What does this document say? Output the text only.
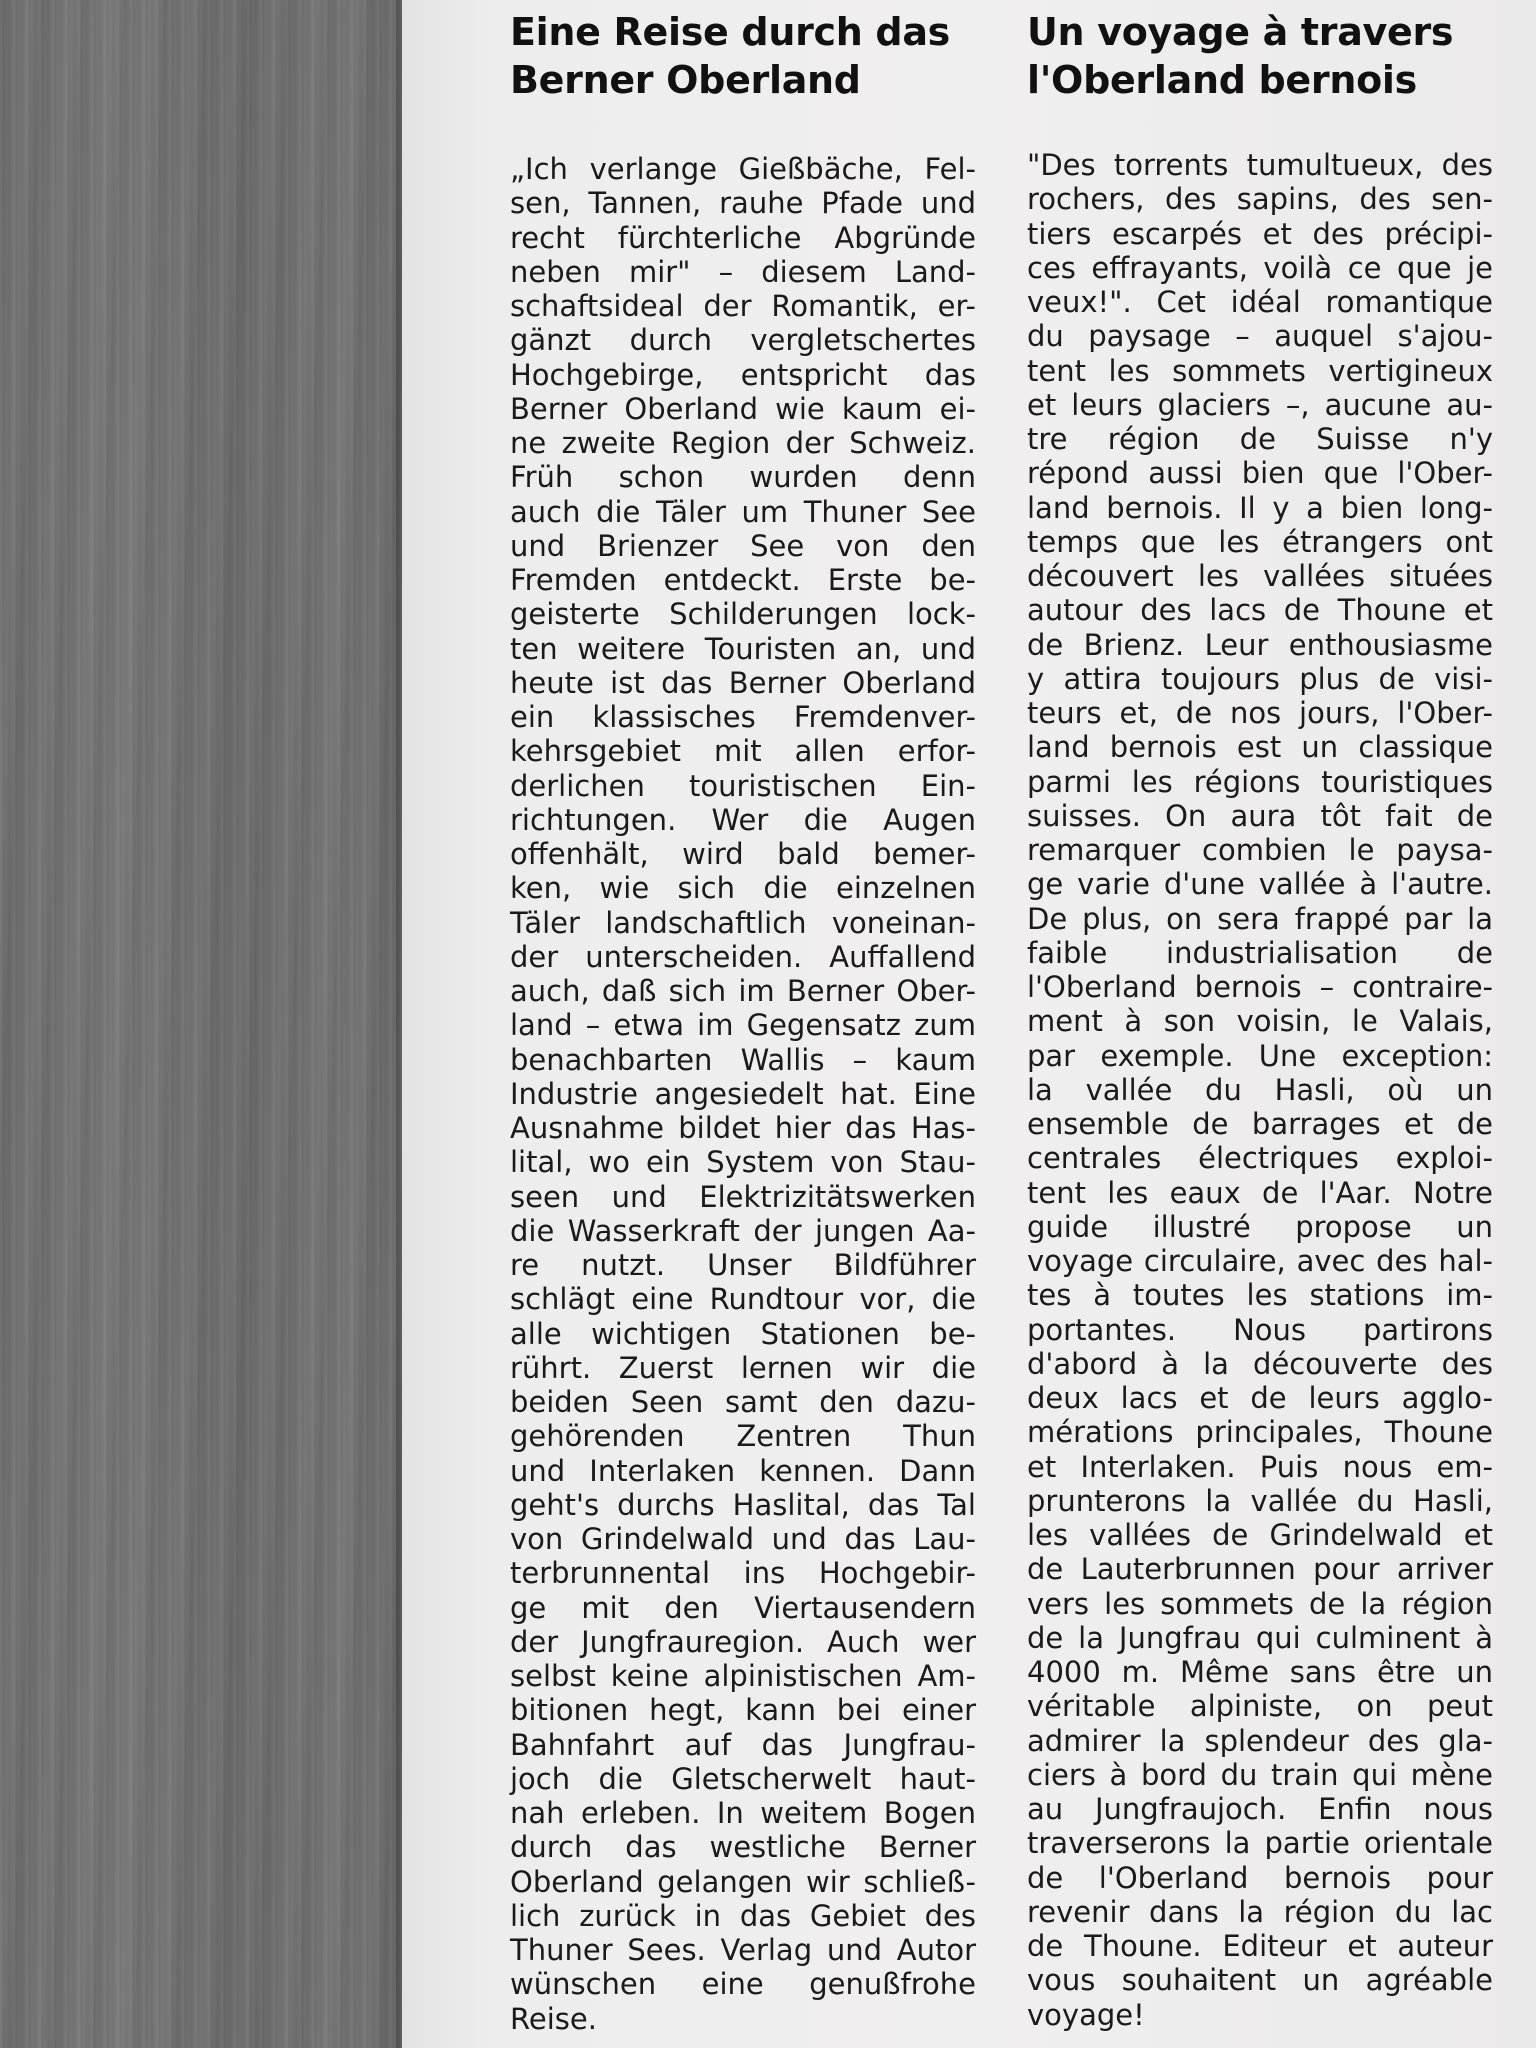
Eine Reise durch das
Berner Oberland
„Ich verlange Gießbäche, Fel-
sen, Tannen, rauhe Pfade und
recht fürchterliche Abgründe
neben mir" – diesem Land-
schaftsideal der Romantik, er-
gänzt durch vergletschertes
Hochgebirge, entspricht das
Berner Oberland wie kaum ei-
ne zweite Region der Schweiz.
Früh schon wurden denn
auch die Täler um Thuner See
und Brienzer See von den
Fremden entdeckt. Erste be-
geisterte Schilderungen lock-
ten weitere Touristen an, und
heute ist das Berner Oberland
ein klassisches Fremdenver-
kehrsgebiet mit allen erfor-
derlichen touristischen Ein-
richtungen. Wer die Augen
offenhält, wird bald bemer-
ken, wie sich die einzelnen
Täler landschaftlich voneinan-
der unterscheiden. Auffallend
auch, daß sich im Berner Ober-
land – etwa im Gegensatz zum
benachbarten Wallis – kaum
Industrie angesiedelt hat. Eine
Ausnahme bildet hier das Has-
lital, wo ein System von Stau-
seen und Elektrizitätswerken
die Wasserkraft der jungen Aa-
re nutzt. Unser Bildführer
schlägt eine Rundtour vor, die
alle wichtigen Stationen be-
rührt. Zuerst lernen wir die
beiden Seen samt den dazu-
gehörenden Zentren Thun
und Interlaken kennen. Dann
geht's durchs Haslital, das Tal
von Grindelwald und das Lau-
terbrunnental ins Hochgebir-
ge mit den Viertausendern
der Jungfrauregion. Auch wer
selbst keine alpinistischen Am-
bitionen hegt, kann bei einer
Bahnfahrt auf das Jungfrau-
joch die Gletscherwelt haut-
nah erleben. In weitem Bogen
durch das westliche Berner
Oberland gelangen wir schließ-
lich zurück in das Gebiet des
Thuner Sees. Verlag und Autor
wünschen eine genußfrohe
Reise.
Un voyage à travers
l'Oberland bernois
"Des torrents tumultueux, des
rochers, des sapins, des sen-
tiers escarpés et des précipi-
ces effrayants, voilà ce que je
veux!". Cet idéal romantique
du paysage – auquel s'ajou-
tent les sommets vertigineux
et leurs glaciers –, aucune au-
tre région de Suisse n'y
répond aussi bien que l'Ober-
land bernois. Il y a bien long-
temps que les étrangers ont
découvert les vallées situées
autour des lacs de Thoune et
de Brienz. Leur enthousiasme
y attira toujours plus de visi-
teurs et, de nos jours, l'Ober-
land bernois est un classique
parmi les régions touristiques
suisses. On aura tôt fait de
remarquer combien le paysa-
ge varie d'une vallée à l'autre.
De plus, on sera frappé par la
faible industrialisation de
l'Oberland bernois – contraire-
ment à son voisin, le Valais,
par exemple. Une exception:
la vallée du Hasli, où un
ensemble de barrages et de
centrales électriques exploi-
tent les eaux de l'Aar. Notre
guide illustré propose un
voyage circulaire, avec des hal-
tes à toutes les stations im-
portantes. Nous partirons
d'abord à la découverte des
deux lacs et de leurs agglo-
mérations principales, Thoune
et Interlaken. Puis nous em-
prunterons la vallée du Hasli,
les vallées de Grindelwald et
de Lauterbrunnen pour arriver
vers les sommets de la région
de la Jungfrau qui culminent à
4000 m. Même sans être un
véritable alpiniste, on peut
admirer la splendeur des gla-
ciers à bord du train qui mène
au Jungfraujoch. Enfin nous
traverserons la partie orientale
de l'Oberland bernois pour
revenir dans la région du lac
de Thoune. Editeur et auteur
vous souhaitent un agréable
voyage!
